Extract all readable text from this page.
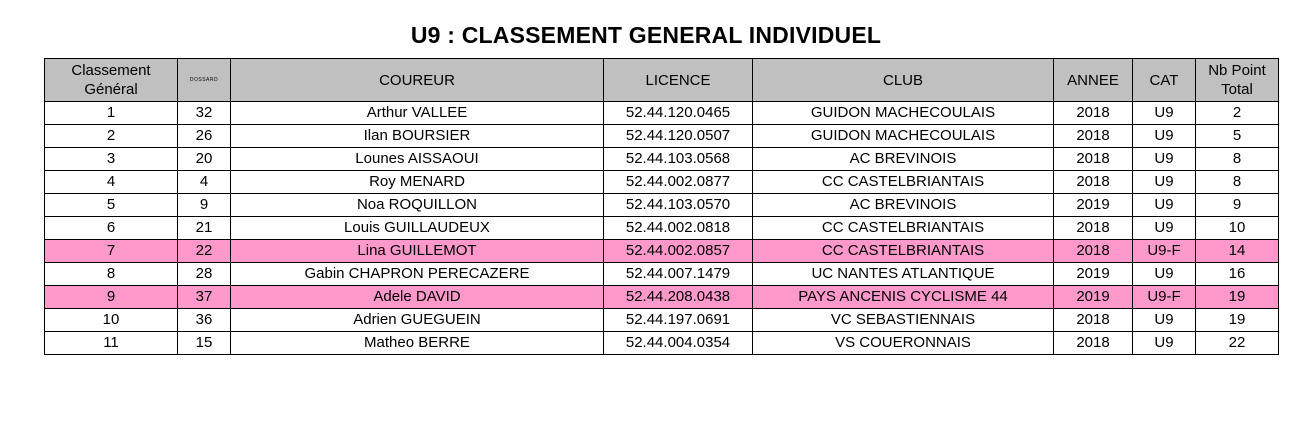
U9 : CLASSEMENT GENERAL INDIVIDUEL
Classement
Général	DOSSARD	COUREUR	LICENCE	CLUB	ANNEE	CAT	Nb Point
Total
1	32	Arthur VALLEE	52.44.120.0465	GUIDON MACHECOULAIS	2018	U9	2
2	26	Ilan BOURSIER	52.44.120.0507	GUIDON MACHECOULAIS	2018	U9	5
3	20	Lounes AISSAOUI	52.44.103.0568	AC BREVINOIS	2018	U9	8
4	4	Roy MENARD	52.44.002.0877	CC CASTELBRIANTAIS	2018	U9	8
5	9	Noa ROQUILLON	52.44.103.0570	AC BREVINOIS	2019	U9	9
6	21	Louis GUILLAUDEUX	52.44.002.0818	CC CASTELBRIANTAIS	2018	U9	10
7	22	Lina GUILLEMOT	52.44.002.0857	CC CASTELBRIANTAIS	2018	U9-F	14
8	28	Gabin CHAPRON PERECAZERE	52.44.007.1479	UC NANTES ATLANTIQUE	2019	U9	16
9	37	Adele DAVID	52.44.208.0438	PAYS ANCENIS CYCLISME 44	2019	U9-F	19
10	36	Adrien GUEGUEIN	52.44.197.0691	VC SEBASTIENNAIS	2018	U9	19
11	15	Matheo BERRE	52.44.004.0354	VS COUERONNAIS	2018	U9	22
